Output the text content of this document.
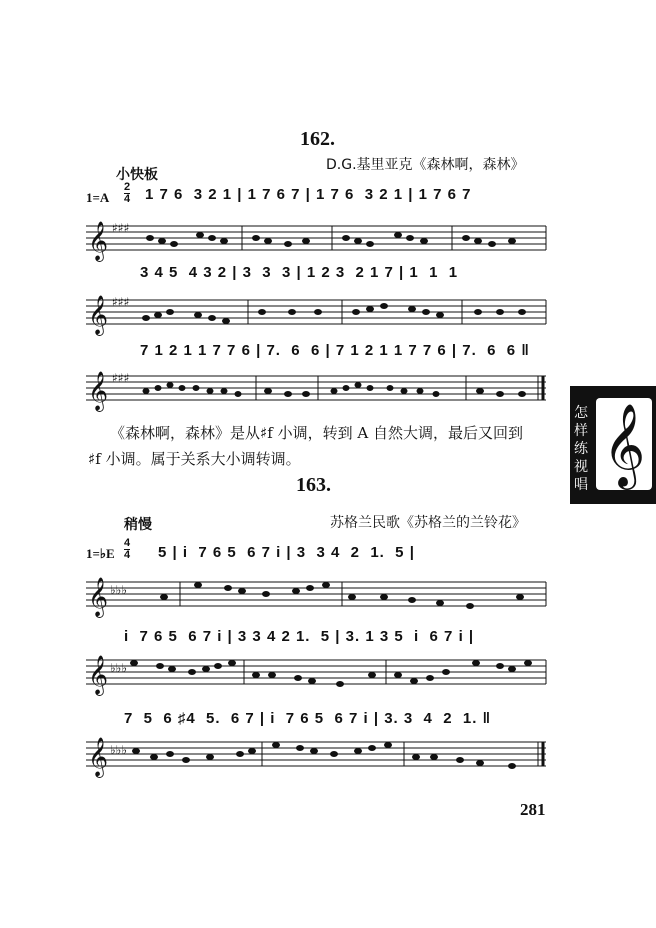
162.
D.G.基里亚克《森林啊，森林》
小快板
1=A
2
4 1 7 6  3 2 1 | 1 7 6 7 | 1 7 6  3 2 1 | 1 7 6 7
3 4 5  4 3 2 | 3  3  3 | 1 2 3  2 1 7 | 1  1  1
7 1 2 1 1 7 7 6 | 7.  6  6 | 7 1 2 1 1 7 7 6 | 7.  6  6 ‖
《森林啊，森林》是从♯f 小调，转到 A 自然大调，最后又回到
♯f 小调。属于关系大小调转调。
163.
苏格兰民歌《苏格兰的兰铃花》
稍慢
1=♭E
4
4 5 | i  7 6 5  6 7 i | 3  3 4  2  1.  5 |
i  7 6 5  6 7 i | 3 3 4 2 1.  5 | 3. 1 3 5  i  6 7 i |
7  5  6 ♯4  5.  6 7 | i  7 6 5  6 7 i | 3. 3  4  2  1. ‖
𝄞
𝄞
𝄞
𝄞
𝄞
𝄞
♯♯♯
♯♯♯
♯♯♯
♭♭♭
♭♭♭
♭♭♭
怎
样
练
视
唱 𝄞
281
